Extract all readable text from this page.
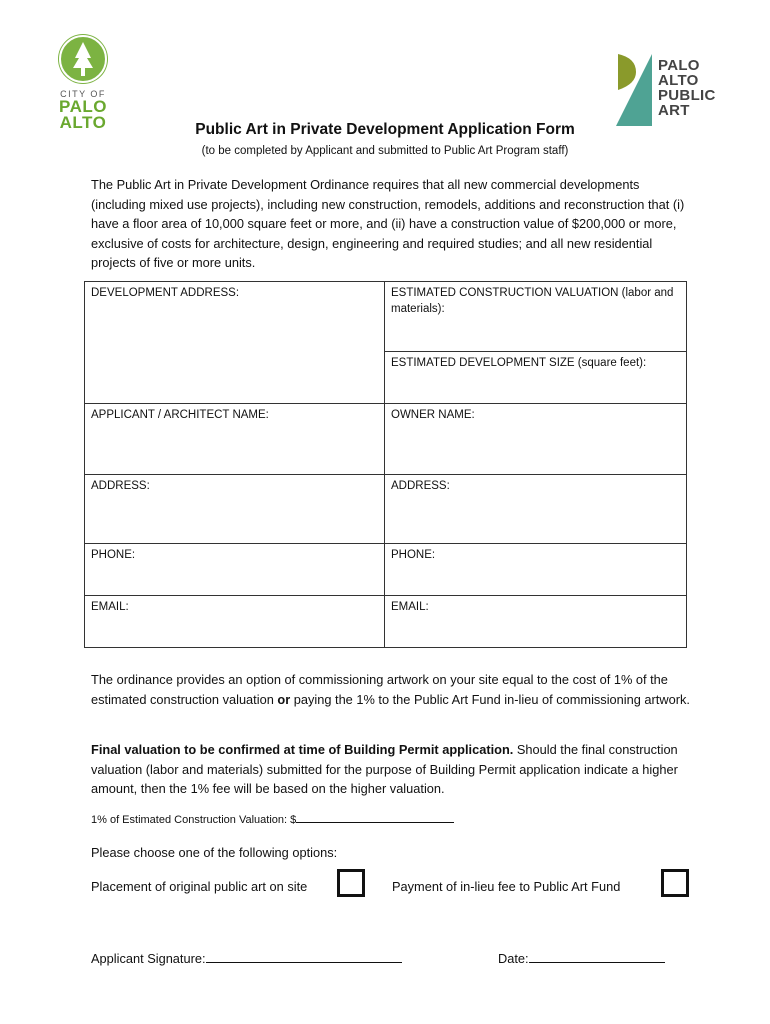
CITY OF
PALO
ALTO
PALO
ALTO
PUBLIC
ART
Public Art in Private Development Application Form
(to be completed by Applicant and submitted to Public Art Program staff)
The Public Art in Private Development Ordinance requires that all new commercial developments (including mixed use projects), including new construction, remodels, additions and reconstruction that (i) have a floor area of 10,000 square feet or more, and (ii) have a construction value of $200,000 or more, exclusive of costs for architecture, design, engineering and required studies; and all new residential projects of five or more units.
DEVELOPMENT ADDRESS:	ESTIMATED CONSTRUCTION VALUATION (labor and materials):
	ESTIMATED DEVELOPMENT SIZE (square feet):
APPLICANT / ARCHITECT NAME:	OWNER NAME:
ADDRESS:	ADDRESS:
PHONE:	PHONE:
EMAIL:	EMAIL:
The ordinance provides an option of commissioning artwork on your site equal to the cost of 1% of the estimated construction valuation or paying the 1% to the Public Art Fund in-lieu of commissioning artwork.
Final valuation to be confirmed at time of Building Permit application. Should the final construction valuation (labor and materials) submitted for the purpose of Building Permit application indicate a higher amount, then the 1% fee will be based on the higher valuation.
1% of Estimated Construction Valuation: $
Please choose one of the following options:
Placement of original public art on site	Payment of in-lieu fee to Public Art Fund
Applicant Signature:	Date:
